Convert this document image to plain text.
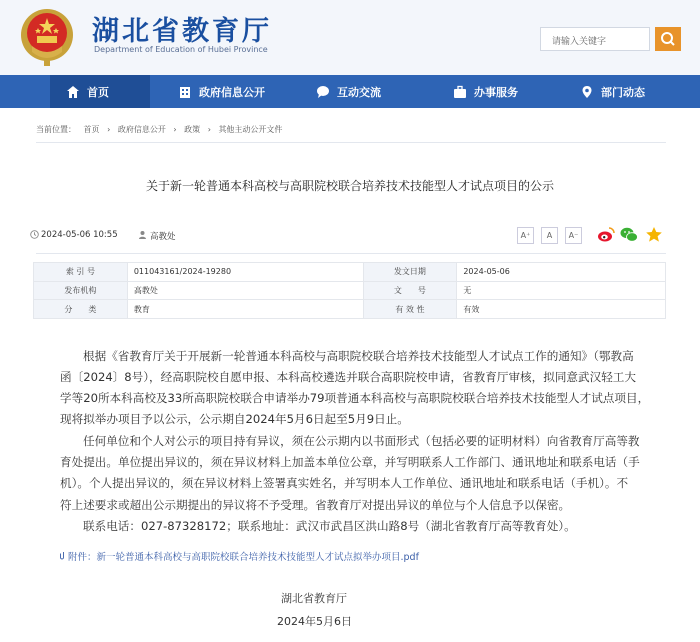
湖北省教育厅
Department of Education of Hubei Province
请输入关键字
首页	政府信息公开	互动交流	办事服务	部门动态
当前位置： 首页 › 政府信息公开 › 政策 › 其他主动公开文件
关于新一轮普通本科高校与高职院校联合培养技术技能型人才试点项目的公示
2024-05-06 10:55	高教处	A⁺	A	A⁻
索 引 号	011043161/2024-19280	发文日期	2024-05-06
发布机构	高教处	文　　号	无
分　　类	教育	有 效 性	有效
根据《省教育厅关于开展新一轮普通本科高校与高职院校联合培养技术技能型人才试点工作的通知》（鄂教高
函〔2024〕8号），经高职院校自愿申报、本科高校遴选并联合高职院校申请，省教育厅审核，拟同意武汉轻工大
学等20所本科高校及33所高职院校联合申请举办79项普通本科高校与高职院校联合培养技术技能型人才试点项目，
现将拟举办项目予以公示，公示期自2024年5月6日起至5月9日止。
任何单位和个人对公示的项目持有异议，须在公示期内以书面形式（包括必要的证明材料）向省教育厅高等教
育处提出。单位提出异议的，须在异议材料上加盖本单位公章，并写明联系人工作部门、通讯地址和联系电话（手
机）。个人提出异议的，须在异议材料上签署真实姓名，并写明本人工作单位、通讯地址和联系电话（手机）。不
符上述要求或超出公示期提出的异议将不予受理。省教育厅对提出异议的单位与个人信息予以保密。
联系电话：027-87328172；联系地址：武汉市武昌区洪山路8号（湖北省教育厅高等教育处）。
附件：新一轮普通本科高校与高职院校联合培养技术技能型人才试点拟举办项目.pdf
湖北省教育厅
2024年5月6日
